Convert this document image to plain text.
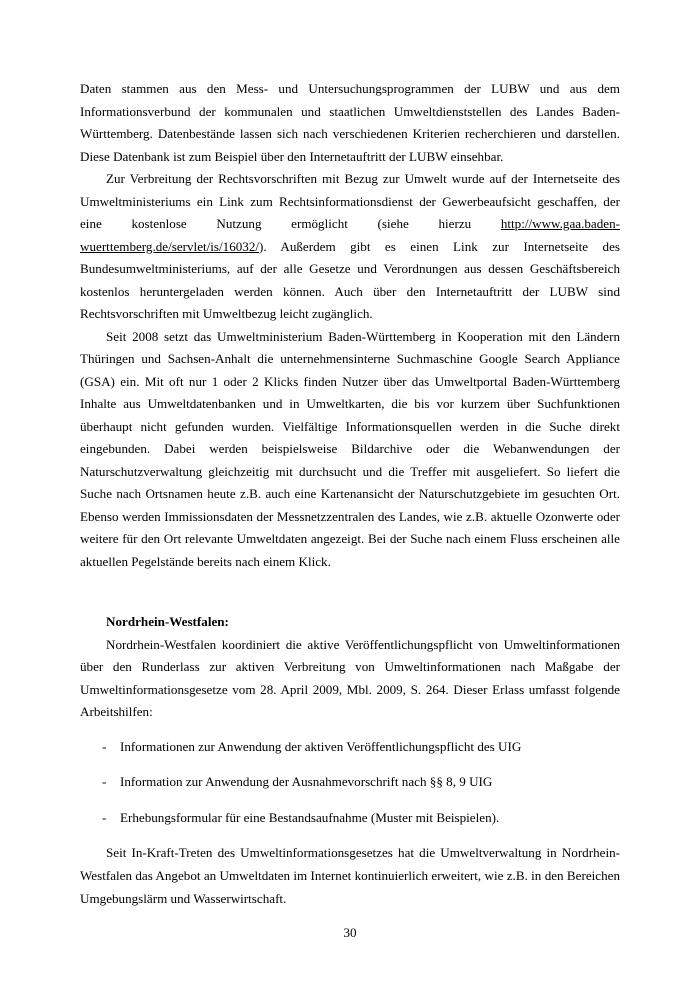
Daten stammen aus den Mess- und Untersuchungsprogrammen der LUBW und aus dem Informationsverbund der kommunalen und staatlichen Umweltdienststellen des Landes Baden-Württemberg. Datenbestände lassen sich nach verschiedenen Kriterien recherchieren und darstellen. Diese Datenbank ist zum Beispiel über den Internetauftritt der LUBW einsehbar.

Zur Verbreitung der Rechtsvorschriften mit Bezug zur Umwelt wurde auf der Internetseite des Umweltministeriums ein Link zum Rechtsinformationsdienst der Gewerbeaufsicht geschaffen, der eine kostenlose Nutzung ermöglicht (siehe hierzu http://www.gaa.baden-wuerttemberg.de/servlet/is/16032/). Außerdem gibt es einen Link zur Internetseite des Bundesumweltministeriums, auf der alle Gesetze und Verordnungen aus dessen Geschäftsbereich kostenlos heruntergeladen werden können. Auch über den Internetauftritt der LUBW sind Rechtsvorschriften mit Umweltbezug leicht zugänglich.

Seit 2008 setzt das Umweltministerium Baden-Württemberg in Kooperation mit den Ländern Thüringen und Sachsen-Anhalt die unternehmensinterne Suchmaschine Google Search Appliance (GSA) ein. Mit oft nur 1 oder 2 Klicks finden Nutzer über das Umweltportal Baden-Württemberg Inhalte aus Umweltdatenbanken und in Umweltkarten, die bis vor kurzem über Suchfunktionen überhaupt nicht gefunden wurden. Vielfältige Informationsquellen werden in die Suche direkt eingebunden. Dabei werden beispielsweise Bildarchive oder die Webanwendungen der Naturschutzverwaltung gleichzeitig mit durchsucht und die Treffer mit ausgeliefert. So liefert die Suche nach Ortsnamen heute z.B. auch eine Kartenansicht der Naturschutzgebiete im gesuchten Ort. Ebenso werden Immissionsdaten der Messnetzzentralen des Landes, wie z.B. aktuelle Ozonwerte oder weitere für den Ort relevante Umweltdaten angezeigt. Bei der Suche nach einem Fluss erscheinen alle aktuellen Pegelstände bereits nach einem Klick.

Nordrhein-Westfalen:

Nordrhein-Westfalen koordiniert die aktive Veröffentlichungspflicht von Umweltinformationen über den Runderlass zur aktiven Verbreitung von Umweltinformationen nach Maßgabe der Umweltinformationsgesetze vom 28. April 2009, Mbl. 2009, S. 264. Dieser Erlass umfasst folgende Arbeitshilfen:

- Informationen zur Anwendung der aktiven Veröffentlichungspflicht des UIG
- Information zur Anwendung der Ausnahmevorschrift nach §§ 8, 9 UIG
- Erhebungsformular für eine Bestandsaufnahme (Muster mit Beispielen).

Seit In-Kraft-Treten des Umweltinformationsgesetzes hat die Umweltverwaltung in Nordrhein-Westfalen das Angebot an Umweltdaten im Internet kontinuierlich erweitert, wie z.B. in den Bereichen Umgebungslärm und Wasserwirtschaft.

30
